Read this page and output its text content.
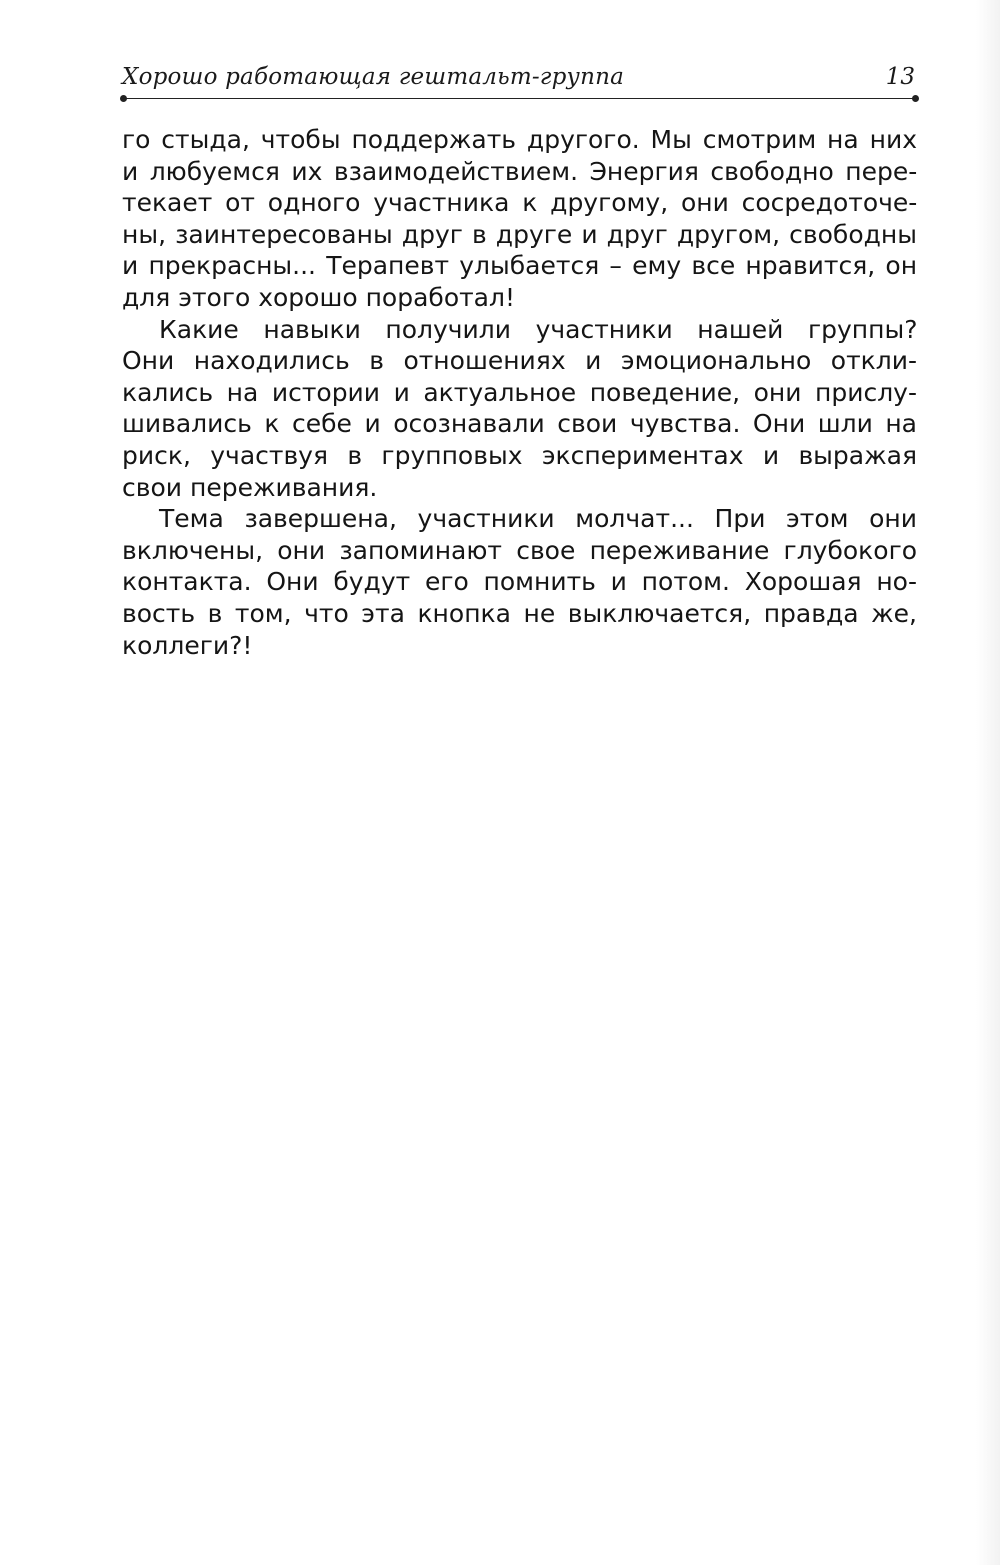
Хорошо работающая гештальт-группа	13
го стыда, чтобы поддержать другого. Мы смотрим на них
и любуемся их взаимодействием. Энергия свободно пере-
текает от одного участника к другому, они сосредоточе-
ны, заинтересованы друг в друге и друг другом, свободны
и прекрасны... Терапевт улыбается – ему все нравится, он
для этого хорошо поработал!
Какие навыки получили участники нашей группы?
Они находились в отношениях и эмоционально откли-
кались на истории и актуальное поведение, они прислу-
шивались к себе и осознавали свои чувства. Они шли на
риск, участвуя в групповых экспериментах и выражая
свои переживания.
Тема завершена, участники молчат... При этом они
включены, они запоминают свое переживание глубокого
контакта. Они будут его помнить и потом. Хорошая но-
вость в том, что эта кнопка не выключается, правда же,
коллеги?!
